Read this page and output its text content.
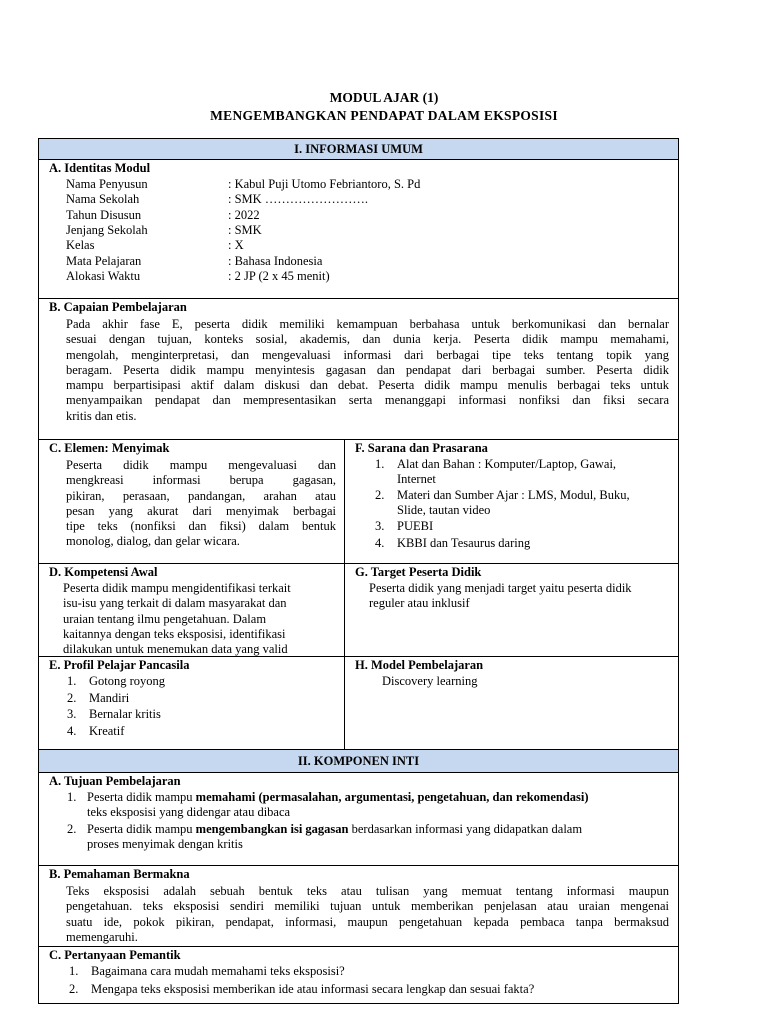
MODUL AJAR (1)
MENGEMBANGKAN PENDAPAT DALAM EKSPOSISI
I. INFORMASI UMUM
A. Identitas Modul
Nama Penyusun	: Kabul Puji Utomo Febriantoro, S. Pd
Nama Sekolah	: SMK …………………….
Tahun Disusun	: 2022
Jenjang Sekolah	: SMK
Kelas	: X
Mata Pelajaran	: Bahasa Indonesia
Alokasi Waktu	: 2 JP (2 x 45 menit)
B. Capaian Pembelajaran
Pada akhir fase E, peserta didik memiliki kemampuan berbahasa untuk berkomunikasi dan bernalar
sesuai dengan tujuan, konteks sosial, akademis, dan dunia kerja. Peserta didik mampu memahami,
mengolah, menginterpretasi, dan mengevaluasi informasi dari berbagai tipe teks tentang topik yang
beragam. Peserta didik mampu menyintesis gagasan dan pendapat dari berbagai sumber. Peserta didik
mampu berpartisipasi aktif dalam diskusi dan debat. Peserta didik mampu menulis berbagai teks untuk
menyampaikan pendapat dan mempresentasikan serta menanggapi informasi nonfiksi dan fiksi secara
kritis dan etis.
C. Elemen: Menyimak
Peserta didik mampu mengevaluasi dan
mengkreasi informasi berupa gagasan,
pikiran, perasaan, pandangan, arahan atau
pesan yang akurat dari menyimak berbagai
tipe teks (nonfiksi dan fiksi) dalam bentuk
monolog, dialog, dan gelar wicara.
F. Sarana dan Prasarana
1. Alat dan Bahan : Komputer/Laptop, Gawai,
Internet
2. Materi dan Sumber Ajar : LMS, Modul, Buku,
Slide, tautan video
3. PUEBI
4. KBBI dan Tesaurus daring
D. Kompetensi Awal
Peserta didik mampu mengidentifikasi terkait
isu-isu yang terkait di dalam masyarakat dan
uraian tentang ilmu pengetahuan. Dalam
kaitannya dengan teks eksposisi, identifikasi
dilakukan untuk menemukan data yang valid
G. Target Peserta Didik
Peserta didik yang menjadi target yaitu peserta didik
reguler atau inklusif
E. Profil Pelajar Pancasila
1. Gotong royong
2. Mandiri
3. Bernalar kritis
4. Kreatif
H. Model Pembelajaran
Discovery learning
II. KOMPONEN INTI
A. Tujuan Pembelajaran
1. Peserta didik mampu memahami (permasalahan, argumentasi, pengetahuan, dan rekomendasi)
teks eksposisi yang didengar atau dibaca
2. Peserta didik mampu mengembangkan isi gagasan berdasarkan informasi yang didapatkan dalam
proses menyimak dengan kritis
B. Pemahaman Bermakna
Teks eksposisi adalah sebuah bentuk teks atau tulisan yang memuat tentang informasi maupun
pengetahuan. teks eksposisi sendiri memiliki tujuan untuk memberikan penjelasan atau uraian mengenai
suatu ide, pokok pikiran, pendapat, informasi, maupun pengetahuan kepada pembaca tanpa bermaksud
memengaruhi.
C. Pertanyaan Pemantik
1. Bagaimana cara mudah memahami teks eksposisi?
2. Mengapa teks eksposisi memberikan ide atau informasi secara lengkap dan sesuai fakta?
